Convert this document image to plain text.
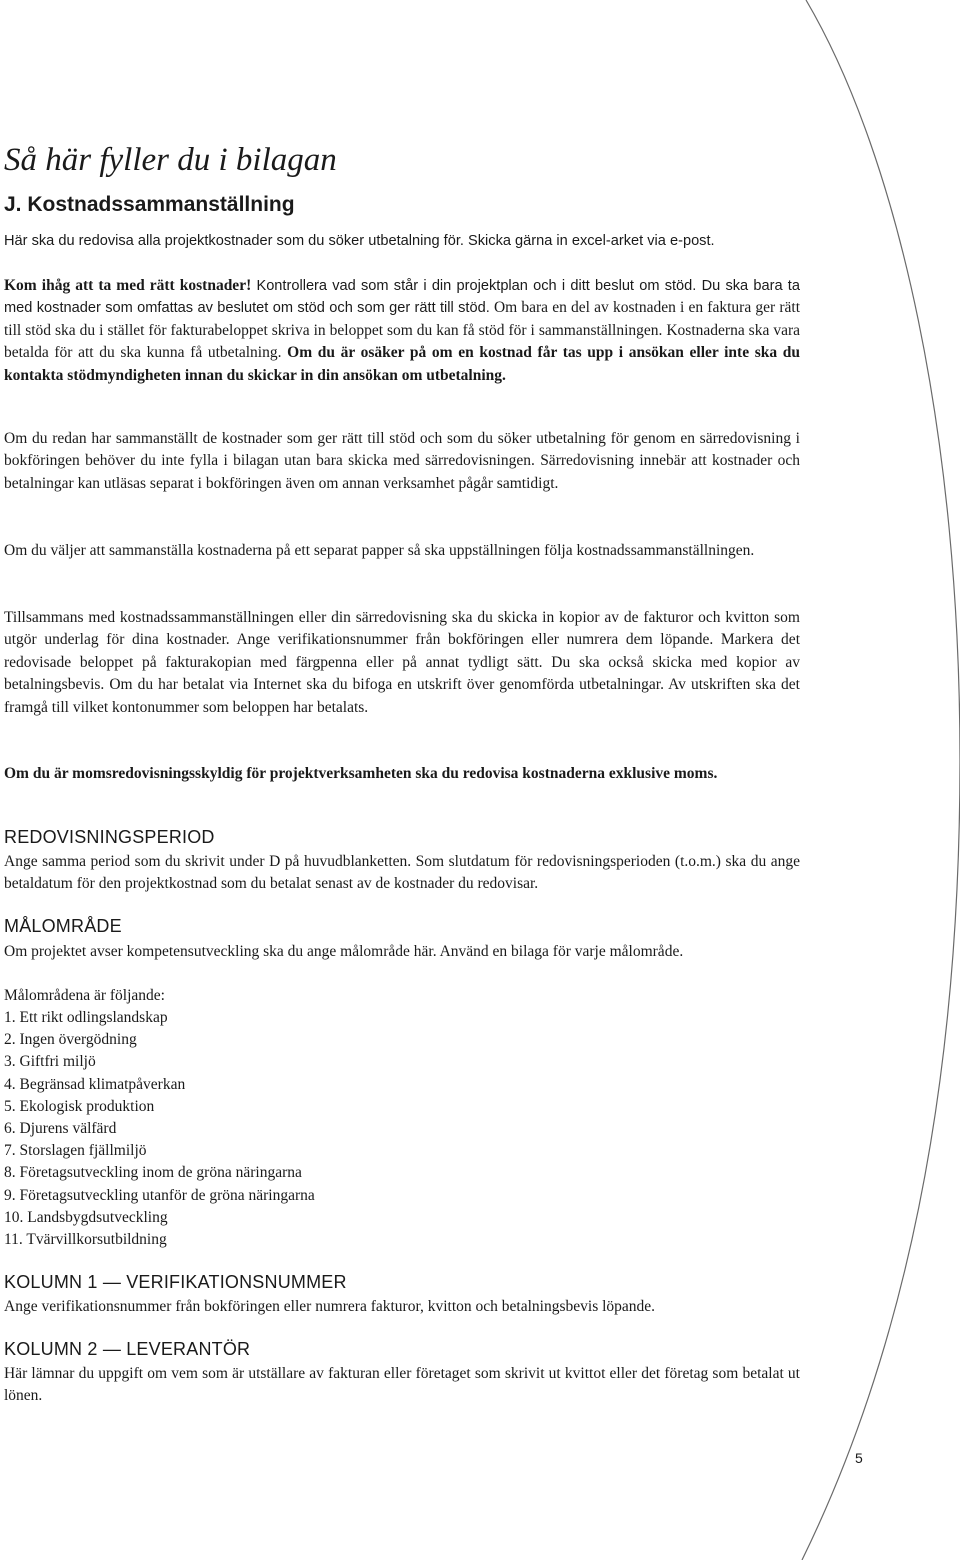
Så här fyller du i bilagan
J. Kostnadssammanställning

Här ska du redovisa alla projektkostnader som du söker utbetalning för. Skicka gärna in excel-arket via e-post.

Kom ihåg att ta med rätt kostnader! Kontrollera vad som står i din projektplan och i ditt beslut om stöd. Du ska bara ta med kostnader som omfattas av beslutet om stöd och som ger rätt till stöd. Om bara en del av kostnaden i en faktura ger rätt till stöd ska du i stället för fakturabeloppet skriva in beloppet som du kan få stöd för i sammanställningen. Kostnaderna ska vara betalda för att du ska kunna få utbetalning. Om du är osäker på om en kostnad får tas upp i ansökan eller inte ska du kontakta stödmyndigheten innan du skickar in din ansökan om utbetalning.

Om du redan har sammanställt de kostnader som ger rätt till stöd och som du söker utbetalning för genom en särredovisning i bokföringen behöver du inte fylla i bilagan utan bara skicka med särredovisningen. Särredovisning innebär att kostnader och betalningar kan utläsas separat i bokföringen även om annan verksamhet pågår samtidigt.

Om du väljer att sammanställa kostnaderna på ett separat papper så ska uppställningen följa kostnadssammanställningen.

Tillsammans med kostnadssammanställningen eller din särredovisning ska du skicka in kopior av de fakturor och kvitton som utgör underlag för dina kostnader. Ange verifikationsnummer från bokföringen eller numrera dem löpande. Markera det redovisade beloppet på fakturakopian med färgpenna eller på annat tydligt sätt. Du ska också skicka med kopior av betalningsbevis. Om du har betalat via Internet ska du bifoga en utskrift över genomförda utbetalningar. Av utskriften ska det framgå till vilket kontonummer som beloppen har betalats.

Om du är momsredovisningsskyldig för projektverksamheten ska du redovisa kostnaderna exklusive moms.

REDOVISNINGSPERIOD

Ange samma period som du skrivit under D på huvudblanketten. Som slutdatum för redovisningsperioden (t.o.m.) ska du ange betaldatum för den projektkostnad som du betalat senast av de kostnader du redovisar.

MÅLOMRÅDE

Om projektet avser kompetensutveckling ska du ange målområde här. Använd en bilaga för varje målområde.

Målområdena är följande:

1. Ett rikt odlingslandskap
2. Ingen övergödning
3. Giftfri miljö
4. Begränsad klimatpåverkan
5. Ekologisk produktion
6. Djurens välfärd
7. Storslagen fjällmiljö
8. Företagsutveckling inom de gröna näringarna
9. Företagsutveckling utanför de gröna näringarna
10. Landsbygdsutveckling
11. Tvärvillkorsutbildning
KOLUMN 1 — VERIFIKATIONSNUMMER

Ange verifikationsnummer från bokföringen eller numrera fakturor, kvitton och betalningsbevis löpande.

KOLUMN 2 — LEVERANTÖR

Här lämnar du uppgift om vem som är utställare av fakturan eller företaget som skrivit ut kvittot eller det företag som betalat ut lönen.

5
